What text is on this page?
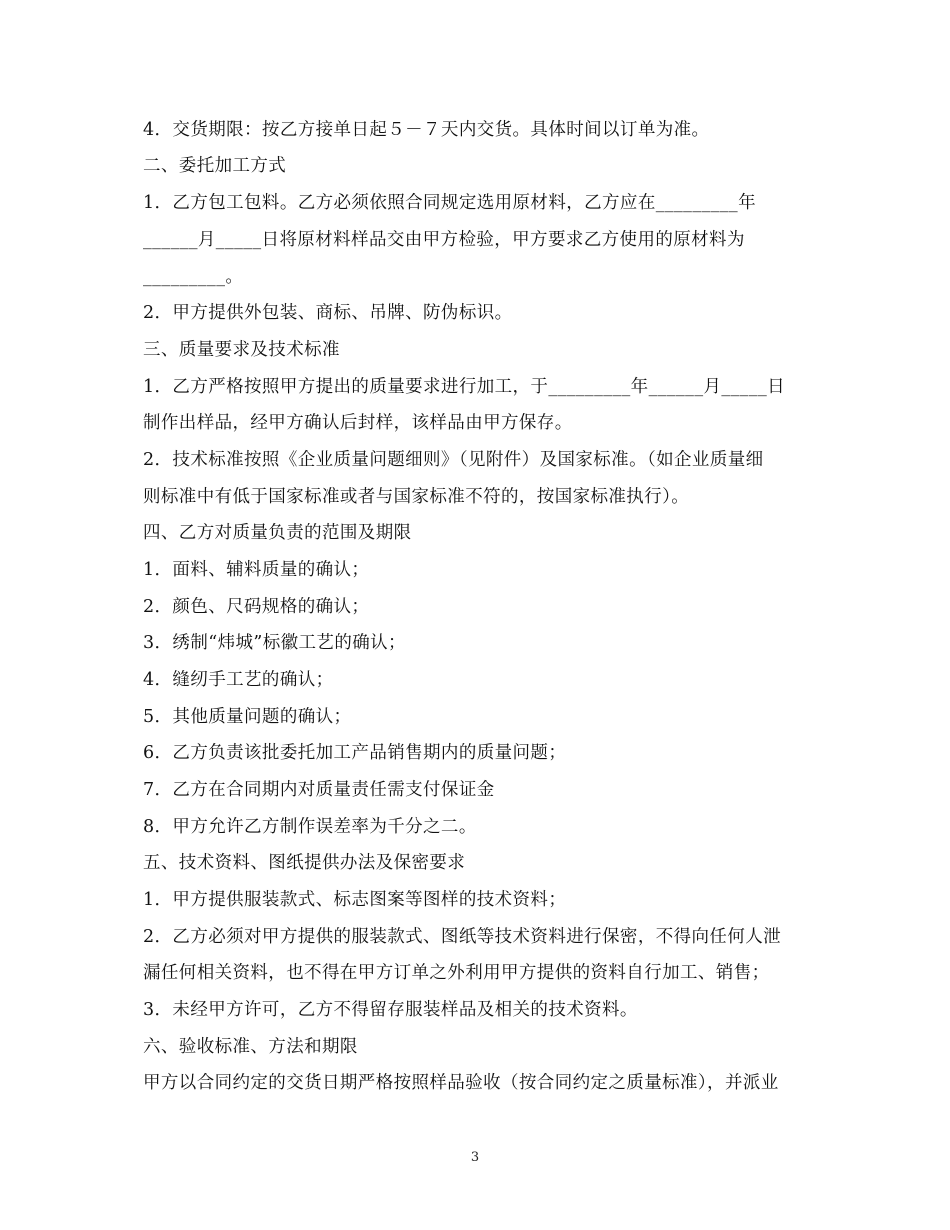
4．交货期限：按乙方接单日起５－７天内交货。具体时间以订单为准。
二、委托加工方式
1．乙方包工包料。乙方必须依照合同规定选用原材料，乙方应在_________年
______月_____日将原材料样品交由甲方检验，甲方要求乙方使用的原材料为
_________。
2．甲方提供外包装、商标、吊牌、防伪标识。
三、质量要求及技术标准
1．乙方严格按照甲方提出的质量要求进行加工，于_________年______月_____日
制作出样品，经甲方确认后封样，该样品由甲方保存。
2．技术标准按照《企业质量问题细则》（见附件）及国家标准。（如企业质量细
则标准中有低于国家标准或者与国家标准不符的，按国家标准执行）。
四、乙方对质量负责的范围及期限
1．面料、辅料质量的确认；
2．颜色、尺码规格的确认；
3．绣制“炜城”标徽工艺的确认；
4．缝纫手工艺的确认；
5．其他质量问题的确认；
6．乙方负责该批委托加工产品销售期内的质量问题；
7．乙方在合同期内对质量责任需支付保证金
8．甲方允许乙方制作误差率为千分之二。
五、技术资料、图纸提供办法及保密要求
1．甲方提供服装款式、标志图案等图样的技术资料；
2．乙方必须对甲方提供的服装款式、图纸等技术资料进行保密，不得向任何人泄
漏任何相关资料，也不得在甲方订单之外利用甲方提供的资料自行加工、销售；
3．未经甲方许可，乙方不得留存服装样品及相关的技术资料。
六、验收标准、方法和期限
甲方以合同约定的交货日期严格按照样品验收（按合同约定之质量标准），并派业
3
